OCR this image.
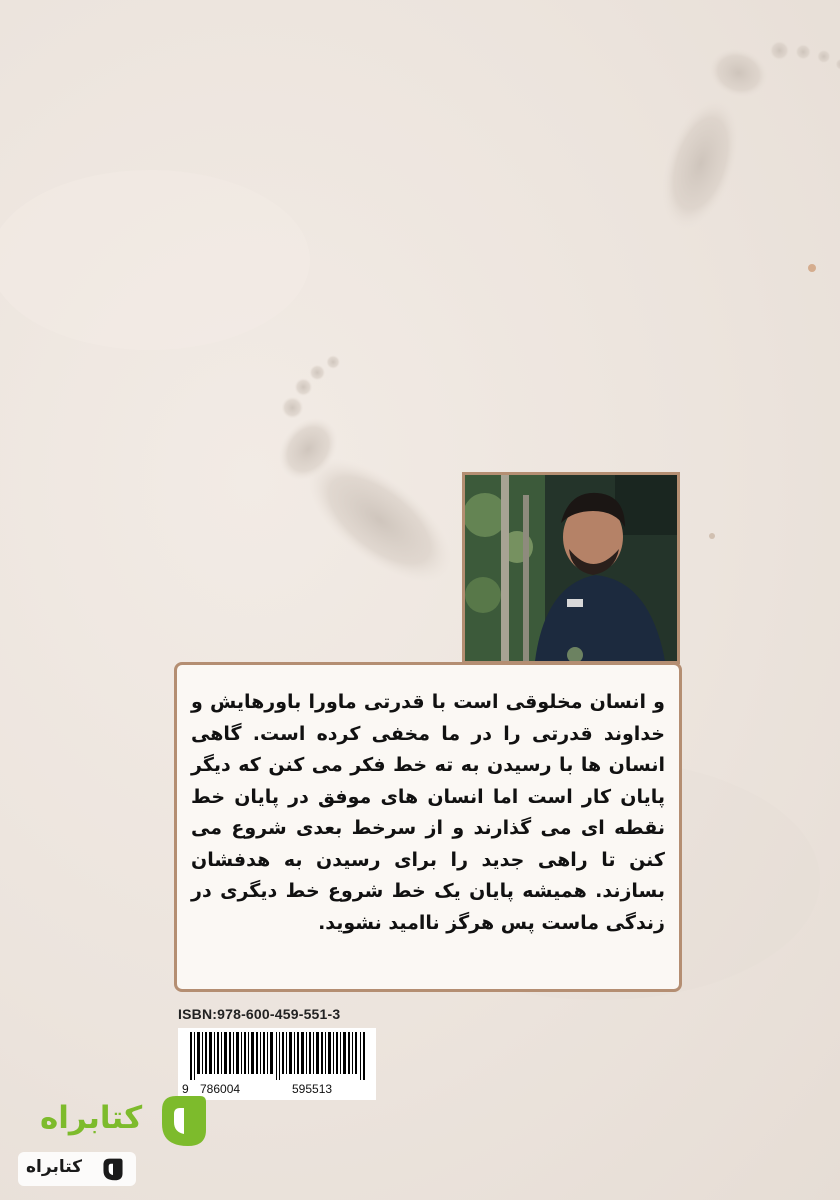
و انسان مخلوقی است با قدرتی ماورا باورهایش و خداوند قدرتی را در ما مخفی کرده است. گاهی انسان ها با رسیدن به ته خط فکر می کنن که دیگر پایان کار است اما انسان های موفق در پایان خط نقطه ای می گذارند و از سرخط بعدی شروع می کنن تا راهی جدید را برای رسیدن به هدفشان بسازند. همیشه پایان یک خط شروع خط دیگری در زندگی ماست پس هرگز ناامید نشوید.

ISBN:978-600-459-551-3
9 786004	595513
کتابراه
کتابراه
